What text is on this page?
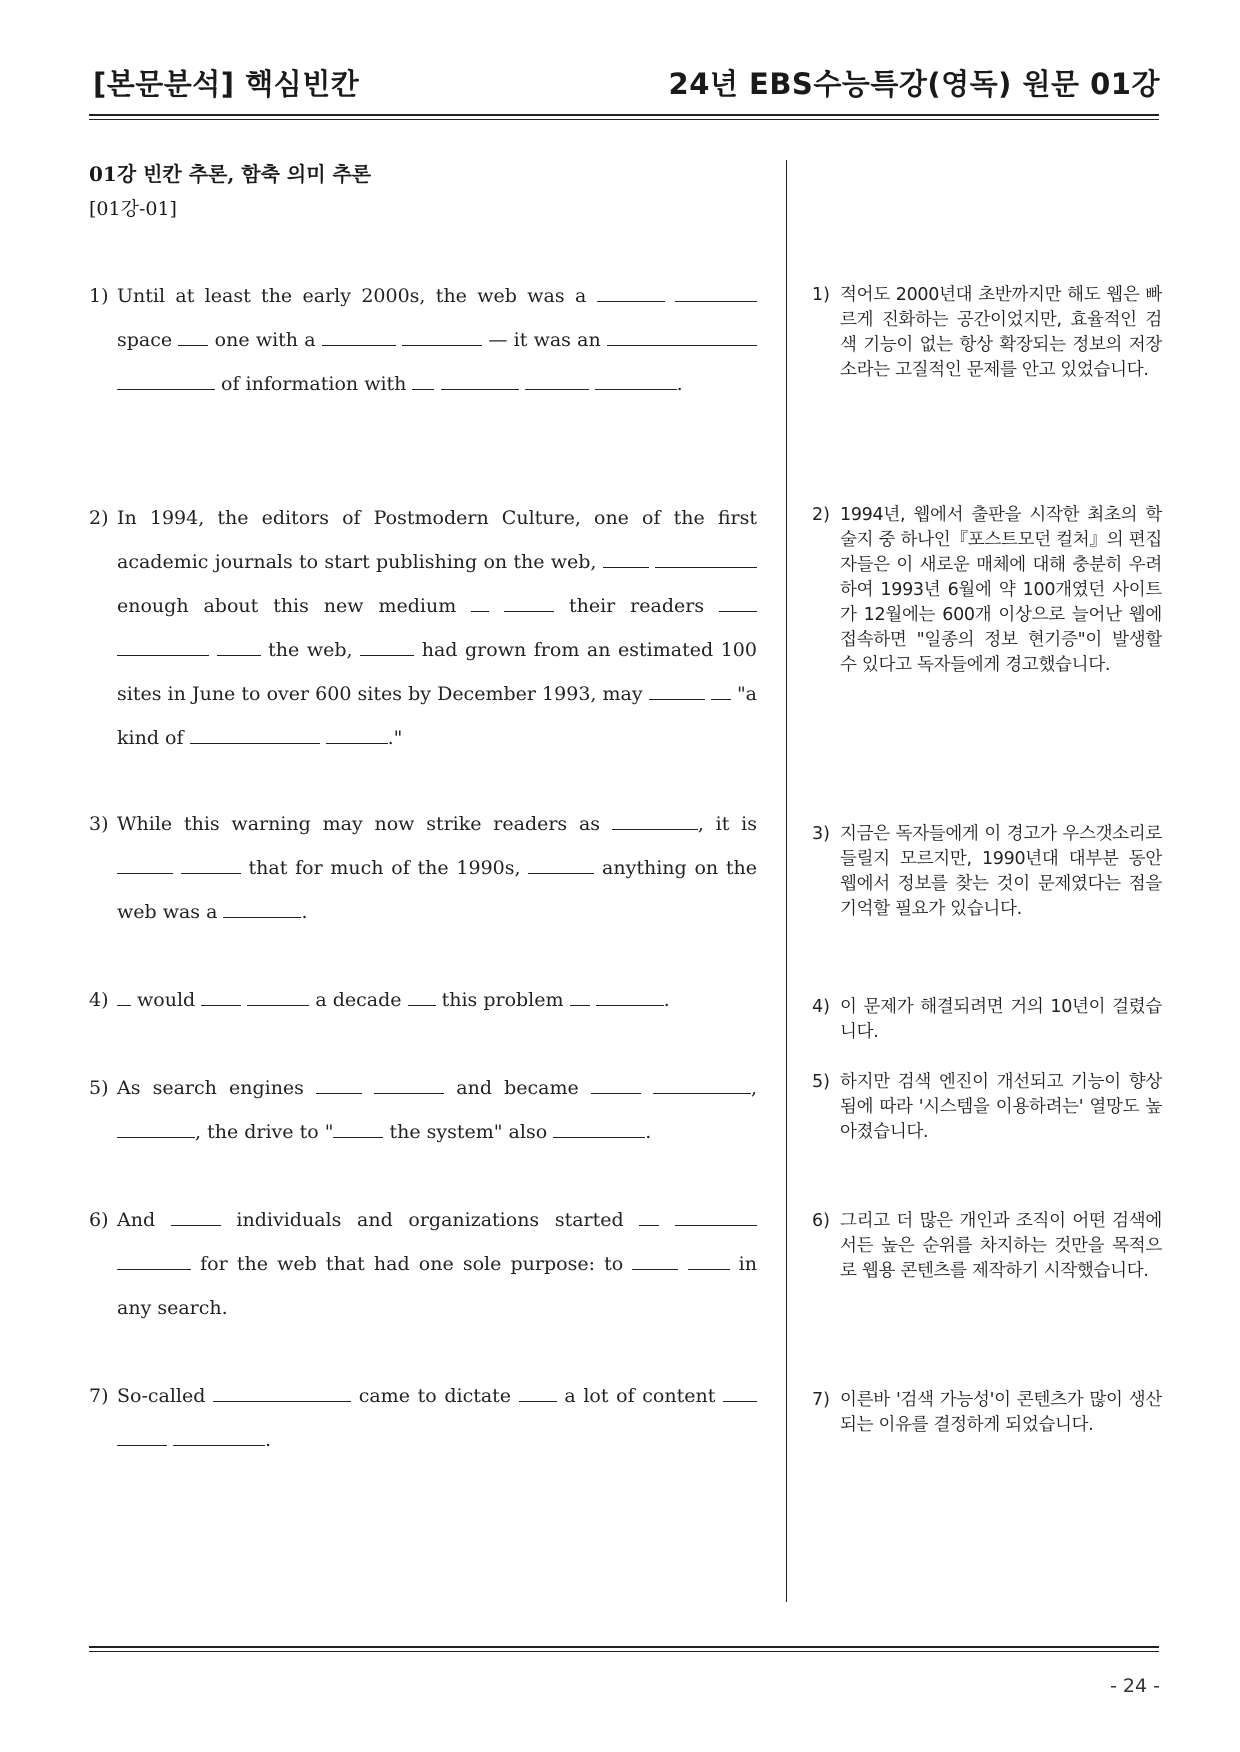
[본문분석] 핵심빈칸	24년 EBS수능특강(영독) 원문 01강
01강 빈칸 추론, 함축 의미 추론
[01강-01]
1) Until at least the early 2000s, the web was a   space  one with a	— it was an   of information with	.
1) 적어도 2000년대 초반까지만 해도 웹은 빠르게 진화하는 공간이었지만, 효율적인 검색 기능이 없는 항상 확장되는 정보의 저장소라는 고질적인 문제를 안고 있었습니다.
2) In 1994, the editors of Postmodern Culture, one of the first academic journals to start publishing on the web,   enough about this new medium	their readers    the web,	had grown from an estimated 100 sites in June to over 600 sites by December 1993, may	"a kind of	."
2) 1994년, 웹에서 출판을 시작한 최초의 학술지 중 하나인『포스트모던 컬처』의 편집자들은 이 새로운 매체에 대해 충분히 우려하여 1993년 6월에 약 100개였던 사이트가 12월에는 600개 이상으로 늘어난 웹에 접속하면 "일종의 정보 현기증"이 발생할 수 있다고 독자들에게 경고했습니다.
3) While this warning may now strike readers as	, it is   that for much of the 1990s,	anything on the web was a	.
3) 지금은 독자들에게 이 경고가 우스갯소리로 들릴지 모르지만, 1990년대 대부분 동안 웹에서 정보를 찾는 것이 문제였다는 점을 기억할 필요가 있습니다.
4)	would	a decade  this problem	.	4) 이 문제가 해결되려면 거의 10년이 걸렸습니다.
5) As search engines	and became	, , the drive to "	the system" also	.
5) 하지만 검색 엔진이 개선되고 기능이 향상됨에 따라 '시스템을 이용하려는' 열망도 높아졌습니다.
6) And	individuals and organizations started    for the web that had one sole purpose: to	in any search.
6) 그리고 더 많은 개인과 조직이 어떤 검색에서든 높은 순위를 차지하는 것만을 목적으로 웹용 콘텐츠를 제작하기 시작했습니다.
7) So-called	came to dictate  a lot of content   .
7) 이른바 '검색 가능성'이 콘텐츠가 많이 생산되는 이유를 결정하게 되었습니다.
- 24 -
